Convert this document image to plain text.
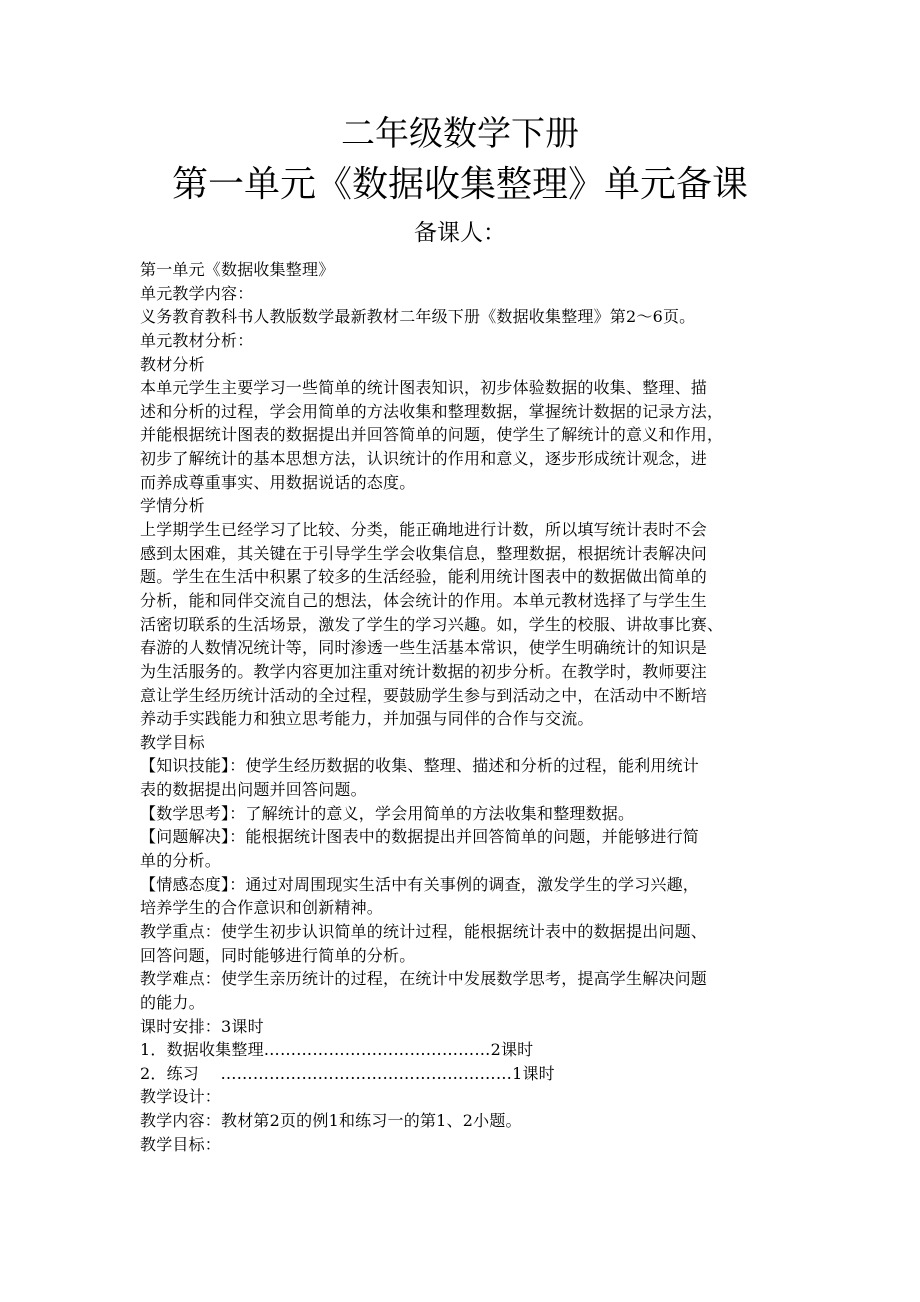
二年级数学下册
第一单元《数据收集整理》单元备课
备课人：
第一单元《数据收集整理》
单元教学内容：
义务教育教科书人教版数学最新教材二年级下册《数据收集整理》第2～6页。
单元教材分析：
教材分析
本单元学生主要学习一些简单的统计图表知识，初步体验数据的收集、整理、描
述和分析的过程，学会用简单的方法收集和整理数据，掌握统计数据的记录方法，
并能根据统计图表的数据提出并回答简单的问题，使学生了解统计的意义和作用，
初步了解统计的基本思想方法，认识统计的作用和意义，逐步形成统计观念，进
而养成尊重事实、用数据说话的态度。
学情分析
上学期学生已经学习了比较、分类，能正确地进行计数，所以填写统计表时不会
感到太困难，其关键在于引导学生学会收集信息，整理数据，根据统计表解决问
题。学生在生活中积累了较多的生活经验，能利用统计图表中的数据做出简单的
分析，能和同伴交流自己的想法，体会统计的作用。本单元教材选择了与学生生
活密切联系的生活场景，激发了学生的学习兴趣。如，学生的校服、讲故事比赛、
春游的人数情况统计等，同时渗透一些生活基本常识，使学生明确统计的知识是
为生活服务的。教学内容更加注重对统计数据的初步分析。在教学时，教师要注
意让学生经历统计活动的全过程，要鼓励学生参与到活动之中，在活动中不断培
养动手实践能力和独立思考能力，并加强与同伴的合作与交流。
教学目标
【知识技能】：使学生经历数据的收集、整理、描述和分析的过程，能利用统计
表的数据提出问题并回答问题。
【数学思考】：了解统计的意义，学会用简单的方法收集和整理数据。
【问题解决】：能根据统计图表中的数据提出并回答简单的问题，并能够进行简
单的分析。
【情感态度】：通过对周围现实生活中有关事例的调查，激发学生的学习兴趣，
培养学生的合作意识和创新精神。
教学重点：使学生初步认识简单的统计过程，能根据统计表中的数据提出问题、
回答问题，同时能够进行简单的分析。
教学难点：使学生亲历统计的过程，在统计中发展数学思考，提高学生解决问题
的能力。
课时安排：3课时
1．数据收集整理……………………………………2课时
2．练习　 ………………………………………………1课时
教学设计：
教学内容：教材第2页的例1和练习一的第1、2小题。
教学目标：
